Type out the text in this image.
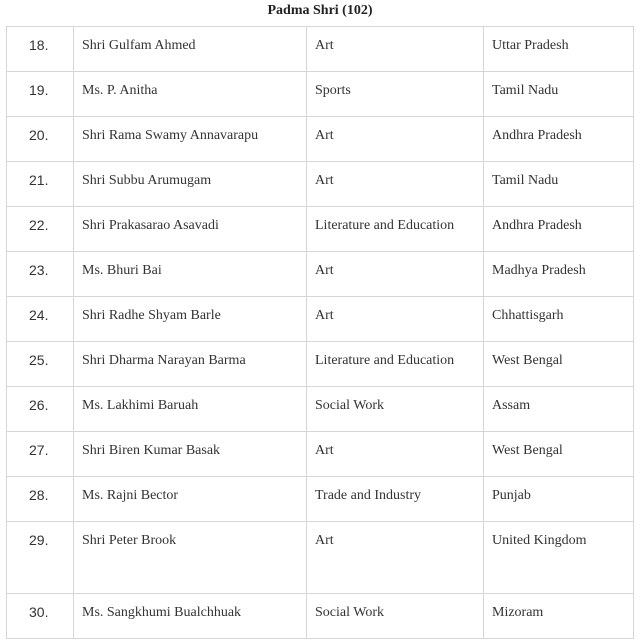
Padma Shri (102)
18.	Shri Gulfam Ahmed	Art	Uttar Pradesh
19.	Ms. P. Anitha	Sports	Tamil Nadu
20.	Shri Rama Swamy Annavarapu	Art	Andhra Pradesh
21.	Shri Subbu Arumugam	Art	Tamil Nadu
22.	Shri Prakasarao Asavadi	Literature and Education	Andhra Pradesh
23.	Ms. Bhuri Bai	Art	Madhya Pradesh
24.	Shri Radhe Shyam Barle	Art	Chhattisgarh
25.	Shri Dharma Narayan Barma	Literature and Education	West Bengal
26.	Ms. Lakhimi Baruah	Social Work	Assam
27.	Shri Biren Kumar Basak	Art	West Bengal
28.	Ms. Rajni Bector	Trade and Industry	Punjab
29.	Shri Peter Brook	Art	United Kingdom
30.	Ms. Sangkhumi Bualchhuak	Social Work	Mizoram
